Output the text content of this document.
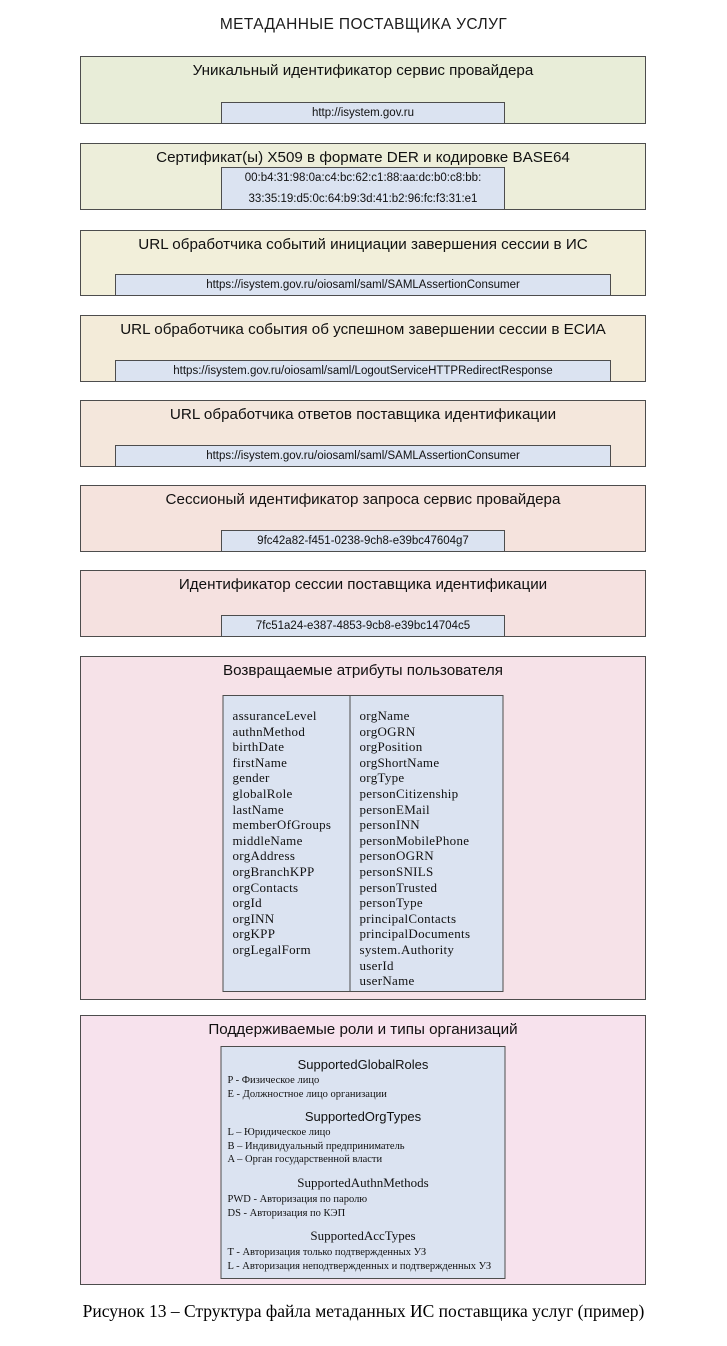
МЕТАДАННЫЕ ПОСТАВЩИКА УСЛУГ
Уникальный идентификатор сервис провайдера
http://isystem.gov.ru
Сертификат(ы) X509 в формате DER и кодировке BASE64
00:b4:31:98:0a:c4:bc:62:c1:88:aa:dc:b0:c8:bb:
33:35:19:d5:0c:64:b9:3d:41:b2:96:fc:f3:31:e1
URL обработчика событий инициации завершения сессии в ИС
https://isystem.gov.ru/oiosaml/saml/SAMLAssertionConsumer
URL обработчика события об успешном завершении сессии в ЕСИА
https://isystem.gov.ru/oiosaml/saml/LogoutServiceHTTPRedirectResponse
URL обработчика ответов поставщика идентификации
https://isystem.gov.ru/oiosaml/saml/SAMLAssertionConsumer
Сессионый идентификатор запроса сервис провайдера
9fc42a82-f451-0238-9ch8-e39bc47604g7
Идентификатор сессии поставщика идентификации
7fc51a24-e387-4853-9cb8-e39bc14704c5
Возвращаемые атрибуты пользователя
assuranceLevel
authnMethod
birthDate
firstName
gender
globalRole
lastName
memberOfGroups
middleName
orgAddress
orgBranchKPP
orgContacts
orgId
orgINN
orgKPP
orgLegalForm
orgName
orgOGRN
orgPosition
orgShortName
orgType
personCitizenship
personEMail
personINN
personMobilePhone
personOGRN
personSNILS
personTrusted
personType
principalContacts
principalDocuments
system.Authority
userId
userName
Поддерживаемые роли и типы организаций
SupportedGlobalRoles
P - Физическое лицо
E - Должностное лицо организации
SupportedOrgTypes
L – Юридическое лицо
B – Индивидуальный предприниматель
A – Орган государственной власти
SupportedAuthnMethods
PWD - Авторизация по паролю
DS - Авторизация по КЭП
SupportedAccTypes
T - Авторизация только подтвержденных УЗ
L - Авторизация неподтвержденных и подтвержденных УЗ
Рисунок 13 – Структура файла метаданных ИС поставщика услуг (пример)
